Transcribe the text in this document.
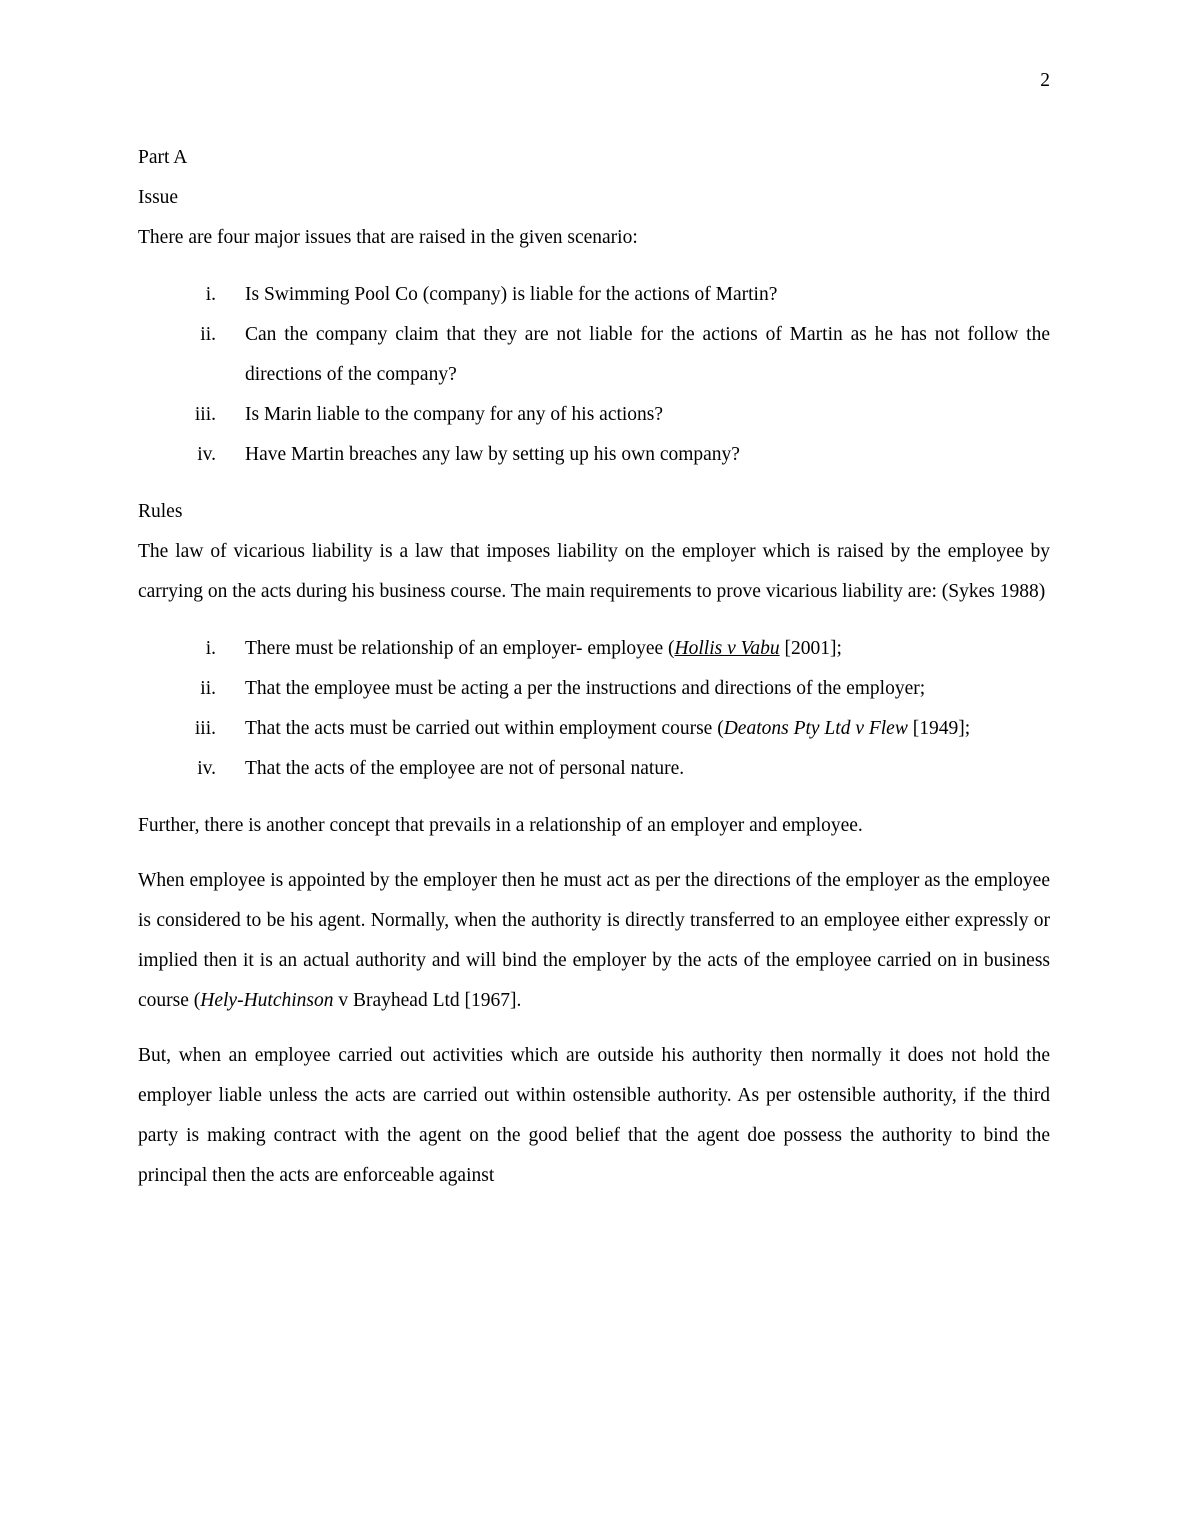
2

Part A

Issue

There are four major issues that are raised in the given scenario:

i. Is Swimming Pool Co (company) is liable for the actions of Martin?
ii. Can the company claim that they are not liable for the actions of Martin as he has not follow the directions of the company?
iii. Is Marin liable to the company for any of his actions?
iv. Have Martin breaches any law by setting up his own company?

Rules

The law of vicarious liability is a law that imposes liability on the employer which is raised by the employee by carrying on the acts during his business course. The main requirements to prove vicarious liability are: (Sykes 1988)

i. There must be relationship of an employer- employee (Hollis v Vabu [2001];
ii. That the employee must be acting a per the instructions and directions of the employer;
iii. That the acts must be carried out within employment course (Deatons Pty Ltd v Flew [1949];
iv. That the acts of the employee are not of personal nature.

Further, there is another concept that prevails in a relationship of an employer and employee.

When employee is appointed by the employer then he must act as per the directions of the employer as the employee is considered to be his agent. Normally, when the authority is directly transferred to an employee either expressly or implied then it is an actual authority and will bind the employer by the acts of the employee carried on in business course (Hely-Hutchinson v Brayhead Ltd [1967].

But, when an employee carried out activities which are outside his authority then normally it does not hold the employer liable unless the acts are carried out within ostensible authority. As per ostensible authority, if the third party is making contract with the agent on the good belief that the agent doe possess the authority to bind the principal then the acts are enforceable against
